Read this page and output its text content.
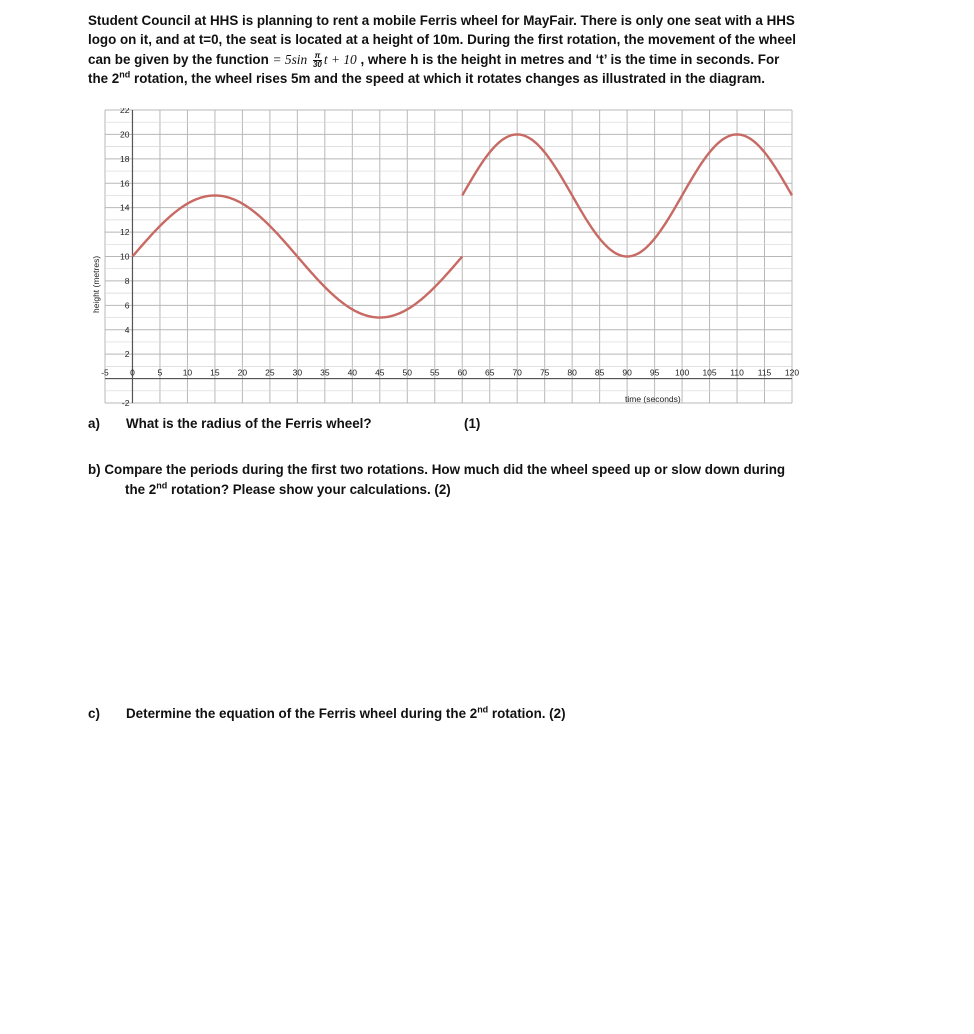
Student Council at HHS is planning to rent a mobile Ferris wheel for MayFair. There is only one seat with a HHS
logo on it, and at t=0, the seat is located at a height of 10m. During the first rotation, the movement of the wheel
can be given by the function = $5\sin \frac{\pi}{30}$ t + 10 , where h is the height in metres and ‘t’ is the time in seconds. For
the 2nd rotation, the wheel rises 5m and the speed at which it rotates changes as illustrated in the diagram.
-5	0	5 10 15 20 25 30 35 40 45 50 55 60 65 70 75 80 85 90 95 100 105 110 115 120
-2
2
4
6
8
10
12
14
16
18
20
22
height (metres)
time (seconds)
a) What is the radius of the Ferris wheel?	(1)
b) Compare the periods during the first two rotations. How much did the wheel speed up or slow down during
the 2nd rotation? Please show your calculations. (2)
c) Determine the equation of the Ferris wheel during the 2nd rotation. (2)
